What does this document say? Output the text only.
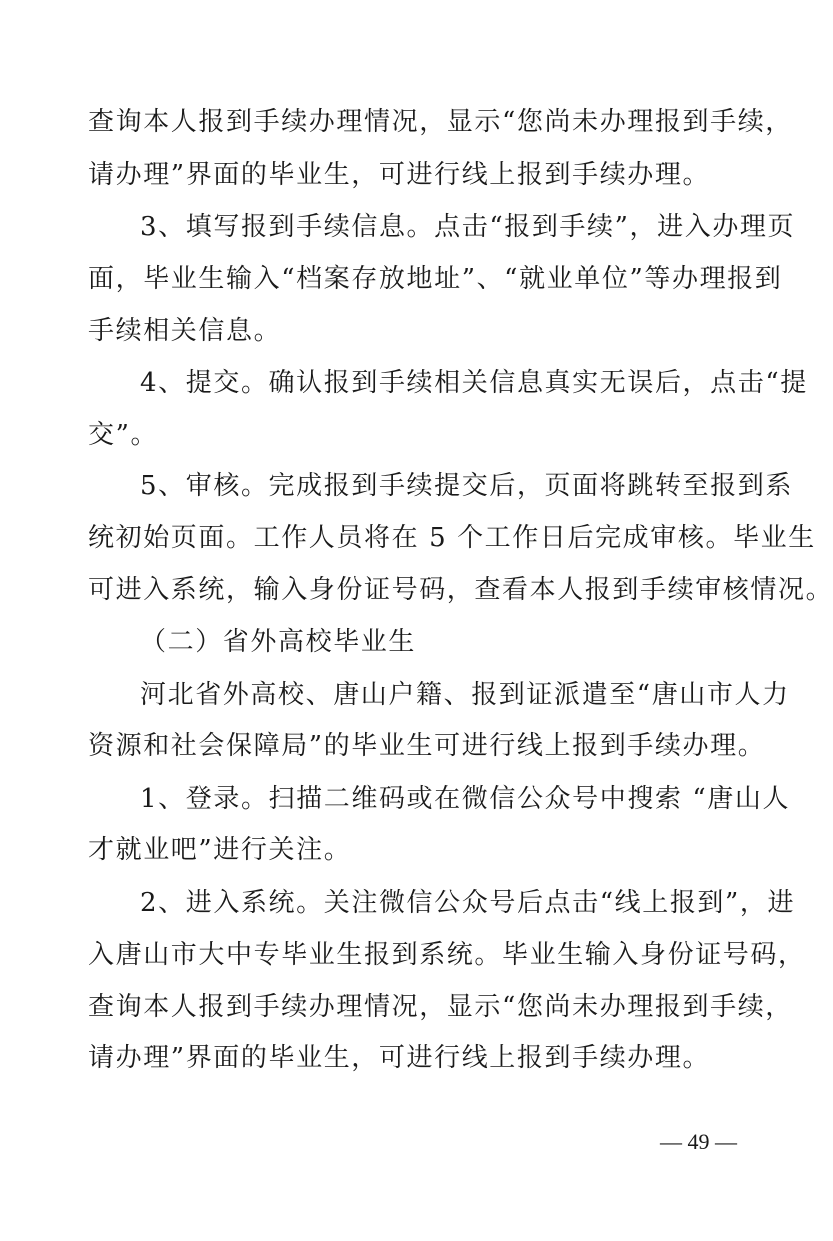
查询本人报到手续办理情况，显示“您尚未办理报到手续，

请办理”界面的毕业生，可进行线上报到手续办理。

3、填写报到手续信息。点击“报到手续”，进入办理页

面，毕业生输入“档案存放地址”、“就业单位”等办理报到

手续相关信息。

4、提交。确认报到手续相关信息真实无误后，点击“提

交”。

5、审核。完成报到手续提交后，页面将跳转至报到系

统初始页面。工作人员将在 5 个工作日后完成审核。毕业生

可进入系统，输入身份证号码，查看本人报到手续审核情况。

（二）省外高校毕业生

河北省外高校、唐山户籍、报到证派遣至“唐山市人力

资源和社会保障局”的毕业生可进行线上报到手续办理。

1、登录。扫描二维码或在微信公众号中搜索 “唐山人

才就业吧”进行关注。

2、进入系统。关注微信公众号后点击“线上报到”，进

入唐山市大中专毕业生报到系统。毕业生输入身份证号码，

查询本人报到手续办理情况，显示“您尚未办理报到手续，

请办理”界面的毕业生，可进行线上报到手续办理。

— 49 —
